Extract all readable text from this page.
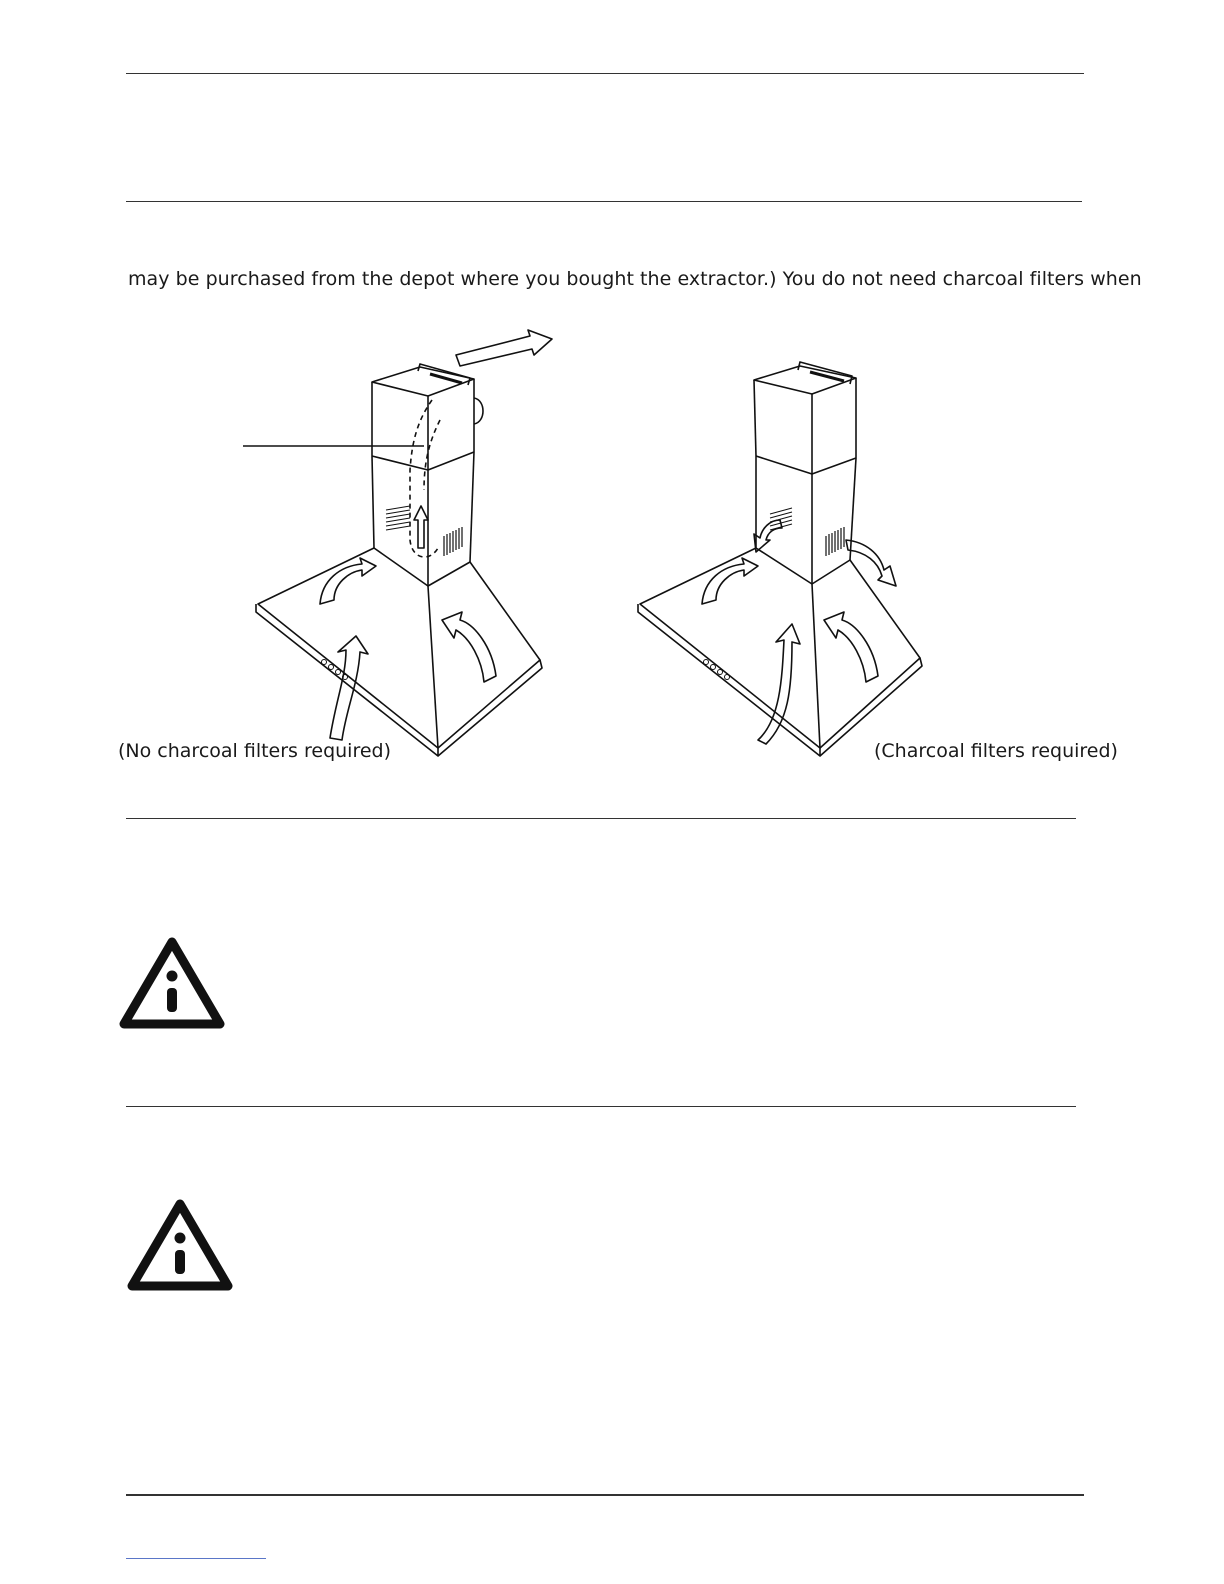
may be purchased from the depot where you bought the extractor.) You do not need charcoal filters when
(No charcoal filters required)	(Charcoal filters required)
